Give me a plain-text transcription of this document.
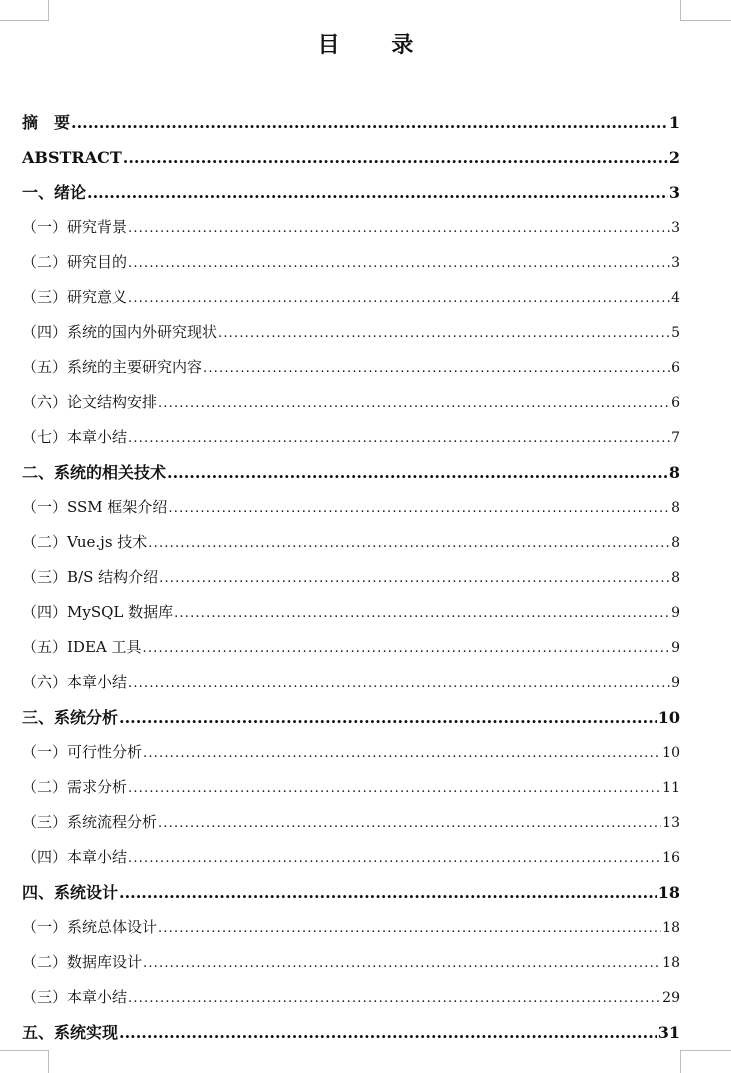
目 录
摘　要 .....	1
ABSTRACT .....	2
一、绪论 .....	3
（一）研究背景 .....	3
（二）研究目的 .....	3
（三）研究意义 .....	4
（四）系统的国内外研究现状 .....	5
（五）系统的主要研究内容 .....	6
（六）论文结构安排 .....	6
（七）本章小结 .....	7
二、系统的相关技术 .....	8
（一）SSM 框架介绍 .....	8
（二）Vue.js 技术 .....	8
（三）B/S 结构介绍 .....	8
（四）MySQL 数据库 .....	9
（五）IDEA 工具 .....	9
（六）本章小结 .....	9
三、系统分析 .....	10
（一）可行性分析 .....	10
（二）需求分析 .....	11
（三）系统流程分析 .....	13
（四）本章小结 .....	16
四、系统设计 .....	18
（一）系统总体设计 .....	18
（二）数据库设计 .....	18
（三）本章小结 .....	29
五、系统实现 .....	31
